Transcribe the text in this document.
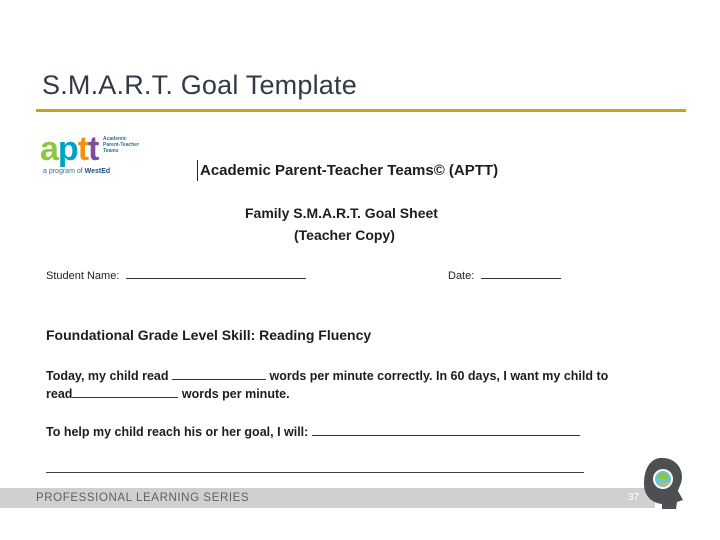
S.M.A.R.T. Goal Template
aptt Academic Parent-Teacher Teams
a program of WestEd	Academic Parent-Teacher Teams© (APTT)
Family S.M.A.R.T. Goal Sheet
(Teacher Copy)
Student Name:	Date:
Foundational Grade Level Skill: Reading Fluency
Today, my child read	words per minute correctly. In 60 days, I want my child to
read	words per minute.
To help my child reach his or her goal, I will:
PROFESSIONAL LEARNING SERIES	37
